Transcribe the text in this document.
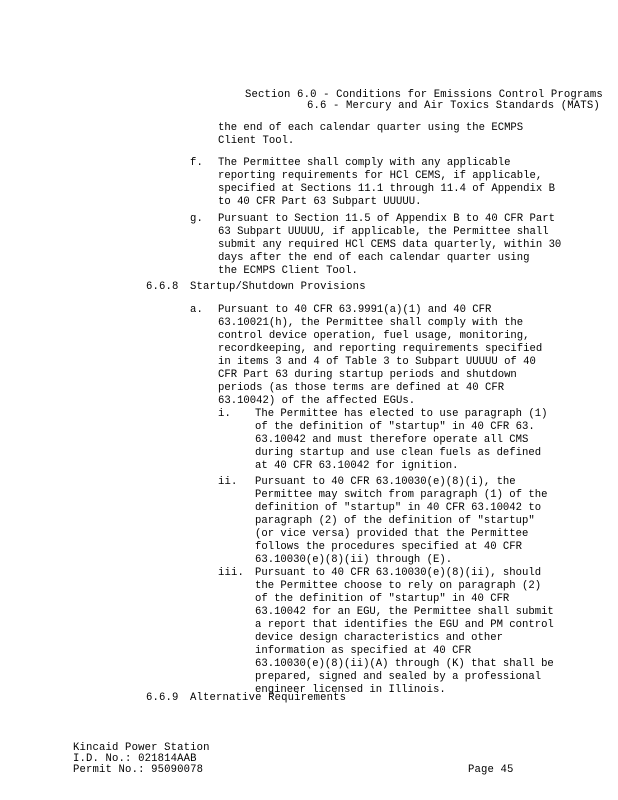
Section 6.0 - Conditions for Emissions Control Programs
6.6 - Mercury and Air Toxics Standards (MATS)
the end of each calendar quarter using the ECMPS
Client Tool.
f. The Permittee shall comply with any applicable
reporting requirements for HCl CEMS, if applicable,
specified at Sections 11.1 through 11.4 of Appendix B
to 40 CFR Part 63 Subpart UUUUU.
g. Pursuant to Section 11.5 of Appendix B to 40 CFR Part
63 Subpart UUUUU, if applicable, the Permittee shall
submit any required HCl CEMS data quarterly, within 30
days after the end of each calendar quarter using
the ECMPS Client Tool.
6.6.8 Startup/Shutdown Provisions
a. Pursuant to 40 CFR 63.9991(a)(1) and 40 CFR
63.10021(h), the Permittee shall comply with the
control device operation, fuel usage, monitoring,
recordkeeping, and reporting requirements specified
in items 3 and 4 of Table 3 to Subpart UUUUU of 40
CFR Part 63 during startup periods and shutdown
periods (as those terms are defined at 40 CFR
63.10042) of the affected EGUs.
i. The Permittee has elected to use paragraph (1)
of the definition of "startup" in 40 CFR 63.
63.10042 and must therefore operate all CMS
during startup and use clean fuels as defined
at 40 CFR 63.10042 for ignition.
ii. Pursuant to 40 CFR 63.10030(e)(8)(i), the
Permittee may switch from paragraph (1) of the
definition of "startup" in 40 CFR 63.10042 to
paragraph (2) of the definition of "startup"
(or vice versa) provided that the Permittee
follows the procedures specified at 40 CFR
63.10030(e)(8)(ii) through (E).
iii. Pursuant to 40 CFR 63.10030(e)(8)(ii), should
the Permittee choose to rely on paragraph (2)
of the definition of "startup" in 40 CFR
63.10042 for an EGU, the Permittee shall submit
a report that identifies the EGU and PM control
device design characteristics and other
information as specified at 40 CFR
63.10030(e)(8)(ii)(A) through (K) that shall be
prepared, signed and sealed by a professional
engineer licensed in Illinois.
6.6.9 Alternative Requirements
Kincaid Power Station
I.D. No.: 021814AAB
Permit No.: 95090078	Page 45
